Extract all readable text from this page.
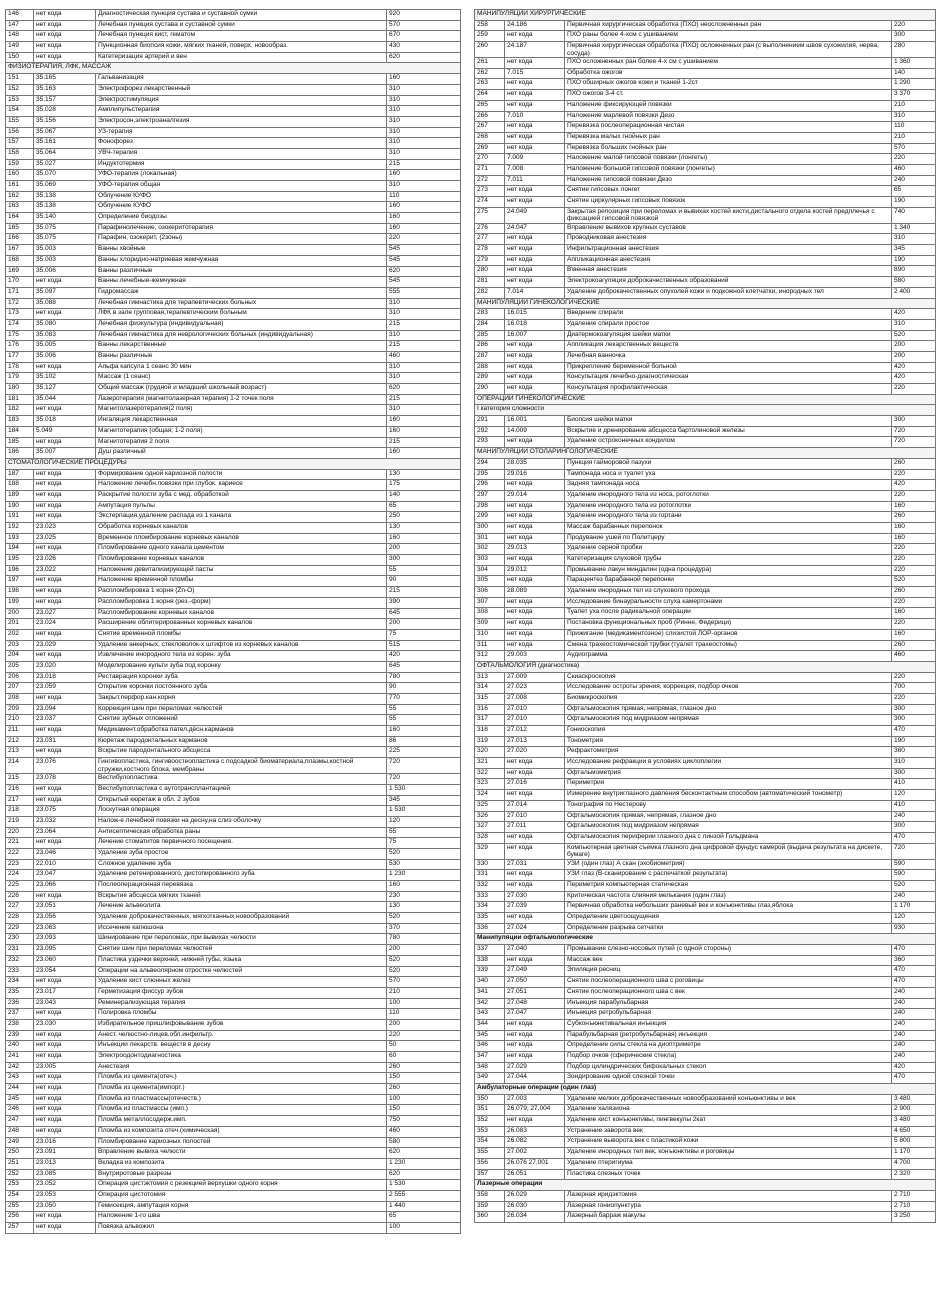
146	нет кода	Диагностическая пункция сустава и суставной сумки	920
147	нет кода	Лечебная пункция сустава и суставной сумки	570
148	нет кода	Лечебная пункция кист, гематом	670
149	нет кода	Пункционная биопсия кожи, мягких тканей, поверх. новообраз.	430
150	нет кода	Катетеризация артерий и вен	620
ФИЗИОТЕРАПИЯ, ЛФК, МАССАЖ			
151	35.165	Гальванизация	160
152	35.163	Электрофорез лекарственный	310
153	35.157	Электростимуляция	310
154	35.028	Амплипульстерапия	310
155	35.156	Электросон,электроаналгезия	310
156	35.067	УЗ-терапия	310
157	35.161	Фонофорез	310
158	35.064	УВЧ-терапия	310
159	35.027	Индуктотермия	215
160	35.070	УФО-терапия (локальная)	160
161	35.069	УФО-терапия общая	310
162	35.138	Облучение КУФО	110
163	35.138	Облучение КУФО	160
164	35.140	Определение биодозы	160
165	35.075	Парафинолечение, озокеритотерапия	160
166	35.075	Парафин, озокерит, (2зоны)	220
167	35.003	Ванны хвойные	545
168	35.003	Ванны хлоридно-натриевая жемчужная	545
169	35.006	Ванны различные	620
170	нет кода	Ванны лечебные-жемчужная	545
171	35.097	Гидромассаж	555
172	35.088	Лечебная гимнастика для терапевтических больных	310
173	нет кода	ЛФК в зале групповая,терапевтическим больным	310
174	35.080	Лечебная физкультура (индивидуальная)	215
175	35.083	Лечебная гимнастика для неврологических больных (индивидуальная)	310
176	35.005	Ванны лекарственные	215
177	35.006	Ванны различные	460
178	нет кода	Альфа капсула 1 сеанс 30 мин	310
179	35.102	Массаж (1 сеанс)	310
180	35.127	Общий массаж (грудной и младший школьный возраст)	620
181	35.044	Лазеротерапия (магнитолазерная терапия) 1-2 точек поля	215
182	нет кода	Магнитолазеротерапия(2 поля)	310
183	35.018	Ингаляция лекарственная	160
184	5.049	Магнитотерапия (общая; 1-2 поля)	160
185	нет кода	Магнитотерапия 2 поля	215
186	35.007	Душ различный	160
СТОМАТОЛОГИЧЕСКИЕ ПРОЦЕДУРЫ			
187	нет кода	Формирование одной кариозной полости	130
188	нет кода	Наложение лечебн.повязки при глубок. кариесе	175
189	нет кода	Раскрытие полости зуба с мед. обработкой	140
190	нет кода	Ампутация пульпы	65
191	нет кода	Экстерпация,удаление распада из 1 канала	250
192	23.023	Обработка корневых каналов	130
193	23.025	Временное пломбирование корневых каналов	160
194	нет кода	Пломбирование одного канала цементом	200
195	23.026	Пломбирование корневых каналов	300
196	23.022	Наложение девитализирующей пасты	55
197	нет кода	Наложение временной пломбы	90
198	нет кода	Распломбировка 1 корня (Zn-O)	215
199	нет кода	Распломбировка 1 корня (рез.-форм)	390
200	23.027	Распломбирование корневых каналов	645
201	23.024	Расширение облитерированных корневых каналов	200
202	нет кода	Снятие временной пломбы	75
203	23.029	Удаление анкерных, стекловолок-х штифтов из корневых каналов	515
204	нет кода	Извлечение инородного тела из корен. зуба	420
205	23.020	Моделирование культи зуба под коронку	645
206	23.018	Реставрация коронки зуба	780
207	23.059	Открытие коронки постоянного зуба	90
208	нет кода	Закрыт.перфор.кан.корня	770
209	23.094	Коррекция шин при переломах челюстей	55
210	23.037	Снятие зубных отложений	55
211	нет кода	Медикамент.обработка пател.дёсн.карманов	160
212	23.031	Кюретаж пародонтальных карманов	86
213	нет кода	Вскрытие пародонтального абсцесса	225
214	23.076	Гингивопластика, гингивоостеопластика с подсадкой биоматериала,плазмы,костной стружки,костного блока, мембраны	720
215	23.078	Вестибулопластика	720
216	нет кода	Вестибулопластика с аутотрансплантацией	1 530
217	нет кода	Открытый кюретаж в обл. 2 зубов	345
218	23.075	Лоскутная операция	1 530
219	23.032	Налож-е лечебной повязки на десну,на слиз оболочку	120
220	23.064	Антисептическая обработка раны	55
221	нет кода	Лечение стоматитов первичного посещения.	75
222	23.046	Удаление зуба простое	520
223	22.010	Сложное удаление зуба	530
224	23.047	Удаление ретенированного, дистопированного зуба	1 230
225	23.066	Послеоперационная перевязка	160
226	нет кода	Вскрытие абсцесса мягких тканей	230
227	23.051	Лечение альвеолита	130
228	23.056	Удаление доброкачественных, мягкотканных новообразований	520
229	23.063	Иссечение капюшона	370
230	23.093	Шинирование при переломах, при вывихах челюсти	780
231	23.095	Снятие шин при переломах челюстей	200
232	23.060	Пластика уздечки верхней, нижней губы, языка	520
233	23.054	Операции на альвеолярном отростке челюстей	520
234	нет кода	Удаление кист слюнных желез	570
235	23.017	Герметизация фиссур зубов	210
236	23.043	Реминерализующая терапия	100
237	нет кода	Полировка пломбы	110
238	23.030	Избирательное пришлифовывание зубов	200
239	нет кода	Анест. челюстно-лицев.обл.инфильтр.	220
240	нет кода	Инъекции лекарств. веществ в десну	50
241	нет кода	Электроодонтодиагностика	60
242	23.005	Анестезия	260
243	нет кода	Пломба из цемента(отеч.)	150
244	нет кода	Пломба из цемента(импорт.)	260
245	нет кода	Пломба из пластмассы(отечеств.)	100
246	нет кода	Пломба из пластмассы (имп.)	150
247	нет кода	Пломба металлосодерж.имп.	750
248	нет кода	Пломба из композита отеч.(химическая)	460
249	23.016	Пломбирование кариозных полостей	580
250	23.091	Вправление вывиха челюсти	620
251	23.013	Вкладка из композита	1 230
252	23.085	Внутриротовые разрезы	620
253	23.052	Операция цистэктомия с резекцией верхушки одного корня	1 530
254	23.053	Операция цистотомия	2 555
255	23.050	Гемисекция, ампутация корня	1 440
256	нет кода	Наложение 1-го шва	65
257	нет кода	Повязка альвожил	100
МАНИПУЛЯЦИИ ХИРУРГИЧЕСКИЕ			
258	24.186	Первичная хирургическая обработка (ПХО) неосложненных ран	220
259	нет кода	ПХО раны более 4-хсм с ушиванием	300
260	24.187	Первичная хирургическая обработка (ПХО) осложненных ран (с выполнением швов сухожилия, нерва, сосуда)	280
261	нет кода	ПХО осложненных ран более 4-х см с ушиванием	1 360
262	7.015	Обработка ожогов	140
263	нет кода	ПХО обширных ожогов кожи и тканей 1-2ст	1 290
264	нет кода	ПХО ожогов 3-4 ст.	3 370
265	нет кода	Наложение фиксирующей повязки	210
266	7.010	Наложение марлевой повязки Дезо	310
267	нет кода	Перевязка послеоперационная чистая	110
268	нет кода	Перевязка малых гнойных ран	210
269	нет кода	Перевязка больших гнойных ран	570
270	7.009	Наложение малой гипсовой повязки (лонгеты)	220
271	7.008	Наложение большой гипсовой повязки (лонгеты)	460
272	7.011	Наложение гипсовой повязки Дезо	240
273	нет кода	Снятие гипсовых лонгет	65
274	нет кода	Снятие циркулярных гипсовых повязок	190
275	24.049	Закрытая репозиция при переломах и вывихах костей кисти,дистального отдела костей предплечья с фиксацией гипсовой повязкой	740
276	24.047	Вправление вывихов крупных суставов	1 340
277	нет кода	Проводниковая анестезия	310
278	нет кода	Инфильтрационная анестезия	345
279	нет кода	Аппликационная анестезия	190
280	нет кода	В\венная анестезия	890
281	нет кода	Электрокоагуляция доброкачественных образований	580
282	7.014	Удаление доброкачественных опухолей кожи и подкожной клетчатки, инородных тел	2 400
МАНИПУЛЯЦИИ ГИНЕКОЛОГИЧЕСКИЕ			
283	16.015	Введение спирали	420
284	16.018	Удаление спирали простое	310
285	16.007	Диатермокоагуляция шейки матки	520
286	нет кода	Аппликация лекарственных веществ	200
287	нет кода	Лечебная ванночка	200
288	нет кода	Прикрепление беременной больной	420
289	нет кода	Консультация лечебно-диагностическая	420
290	нет кода	Консультация профилактическая	220
ОПЕРАЦИИ ГИНЕКОЛОГИЧЕСКИЕ			
I категория сложности			
291	16.001	Биопсия шейки матки	300
292	14.009	Вскрытие и дренирование абсцесса бартолиновой железы	720
293	нет кода	Удаление остроконечных кондилом	720
МАНИПУЛЯЦИИ ОТОЛАРИНГОЛОГИЧЕСКИЕ			
294	28.035	Пункция гайморовой пазухи	260
295	29.016	Тампонада носа и туалет уха	220
296	нет кода	Задняя тампонада носа	420
297	29.014	Удаление инородного тела из носа, ротоглотки	220
298	нет кода	Удаление инородного тела из ротоглотки	160
299	нет кода	Удаление инородного тела из гортани	260
300	нет кода	Массаж барабанных перепонок	160
301	нет кода	Продувание ушей по Политцеру	160
302	29.013	Удаление серной пробки	220
303	нет кода	Катетеризация слуховой трубы	220
304	29.012	Промывание лакун миндалин (одна процедура)	220
305	нет кода	Парацентез барабанной перепонки	520
306	28.089	Удаление инородных тел из слухового прохода	260
307	нет кода	Исследование бинауральности слуха камертонами	220
308	нет кода	Туалет уха после радикальной операции	160
309	нет кода	Постановка функциональных проб (Ринне, Федерици)	220
310	нет кода	Прижигание (медикаментозное) слизистой ЛОР-органов	160
311	нет кода	Смена трахеостомической трубки (туалет трахеостомы)	260
312	29.003	Аудиограмма	460
ОФТАЛЬМОЛОГИЯ (диагностика)			
313	27.009	Скиаскроскопия	220
314	27.023	Исследование остроты зрения, коррекция, подбор очков	700
315	27.008	Биомикроскопия	220
316	27.010	Офтальмоскопия прямая, непрямая, глазное дно	300
317	27.010	Офтальмоскопия под мидриазом непрямая	300
318	27.012	Гониоскопия	470
319	27.013	Тонометрия	190
320	27.020	Рефрактометрия	360
321	нет кода	Исследование рефракции в условиях циклоплегии	310
322	нет кода	Офтальмометрия	300
323	27.016	Периметрия	410
324	нет кода	Измерение внутриглазного давления бесконтактным способом (автоматический тонометр)	120
325	27.014	Тонография по Нестерову	410
326	27.010	Офтальмоскопия прямая, непрямая, глазное дно	240
327	27.011	Офтальмоскопия под мидриазом непрямая	300
328	нет кода	Офтальмоскопия периферии глазного дна с линзой Гольдмана	470
329	нет кода	Компьютерная цветная съемка глазного дна цифровой фундус камерой (выдача результата на дискете, бумаге)	720
330	27.031	УЗИ (один глаз) А скан (эхобиометрия)	590
331	нет кода	УЗИ глаз (В-сканирование с распечаткой результата)	590
332	нет кода	Периметрия компьютерная статическая	520
333	27.030	Критическая частота слияния мелькания (один глаз)	240
334	27.039	Первичная обработка небольших раневый век и конъюнктивы глаз,яблока	1 170
335	нет кода	Определение цветоощущения	120
336	27.024	Определение разрыва сетчатки	930
Манипуляции офтальмологические			
337	27.040	Промывание слезно-носовых путей (с одной стороны)	470
338	нет кода	Массаж век	360
339	27.049	Эпиляция ресниц	470
340	27.050	Снятие послеоперационного шва с роговицы	470
341	27.051	Снятие послеоперационного шва с век	240
342	27.048	Инъекция парабульбарная	240
343	27.047	Инъекция ретробульбарная	240
344	нет кода	Субконъюнктивальная инъекция	240
345	нет кода	Парабульбарная (ретробульбарная) инъекция	240
346	нет кода	Определение силы стекла на диоптриметре	240
347	нет кода	Подбор очков (сферические стекла)	240
348	27.029	Подбор цилиндрических бифокальных стекол	420
349	27.044	Зондирование одной слезной точки	470
Амбулаторные операции (один глаз)			
350	27.003	Удаление мелких доброкачественных новообразований конъюнктивы и век	3 480
351	26.079; 27.004	Удаление халязиона	2 900
352	нет кода	Удаление кист конъюнктивы, пингвекулы 2кат	3 480
353	26.083	Устранение заворота век	4 650
354	26.082	Устранение выворота век с пластикой кожи	5 800
355	27.002	Удаление инородных тел век, конъюнктивы и роговицы	1 170
356	26.076 27.001	Удаление птеригиума	4 700
357	26.051	Пластика слезных точек	2 320
Лазерные операции			
358	26.029	Лазерная иридэктомия	2 710
359	26.030	Лазерная гониопунктура	2 710
360	26.034	Лазерный барраж макулы	3 250
